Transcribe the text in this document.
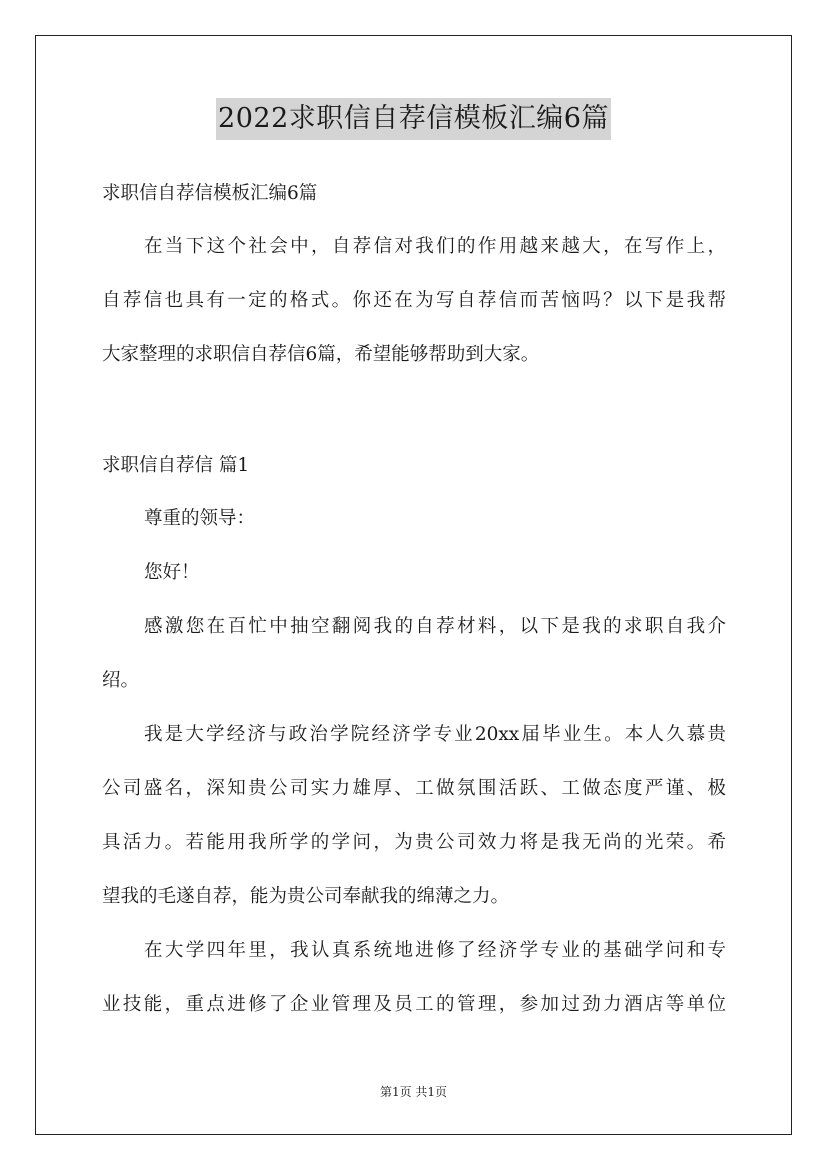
2022求职信自荐信模板汇编6篇
求职信自荐信模板汇编6篇
在当下这个社会中，自荐信对我们的作用越来越大，在写作上，
自荐信也具有一定的格式。你还在为写自荐信而苦恼吗？以下是我帮
大家整理的求职信自荐信6篇，希望能够帮助到大家。
求职信自荐信 篇1
尊重的领导：
您好！
感激您在百忙中抽空翻阅我的自荐材料，以下是我的求职自我介
绍。
我是大学经济与政治学院经济学专业20xx届毕业生。本人久慕贵
公司盛名，深知贵公司实力雄厚、工做氛围活跃、工做态度严谨、极
具活力。若能用我所学的学问，为贵公司效力将是我无尚的光荣。希
望我的毛遂自荐，能为贵公司奉献我的绵薄之力。
在大学四年里，我认真系统地进修了经济学专业的基础学问和专
业技能，重点进修了企业管理及员工的管理，参加过劲力酒店等单位
第1页 共1页
